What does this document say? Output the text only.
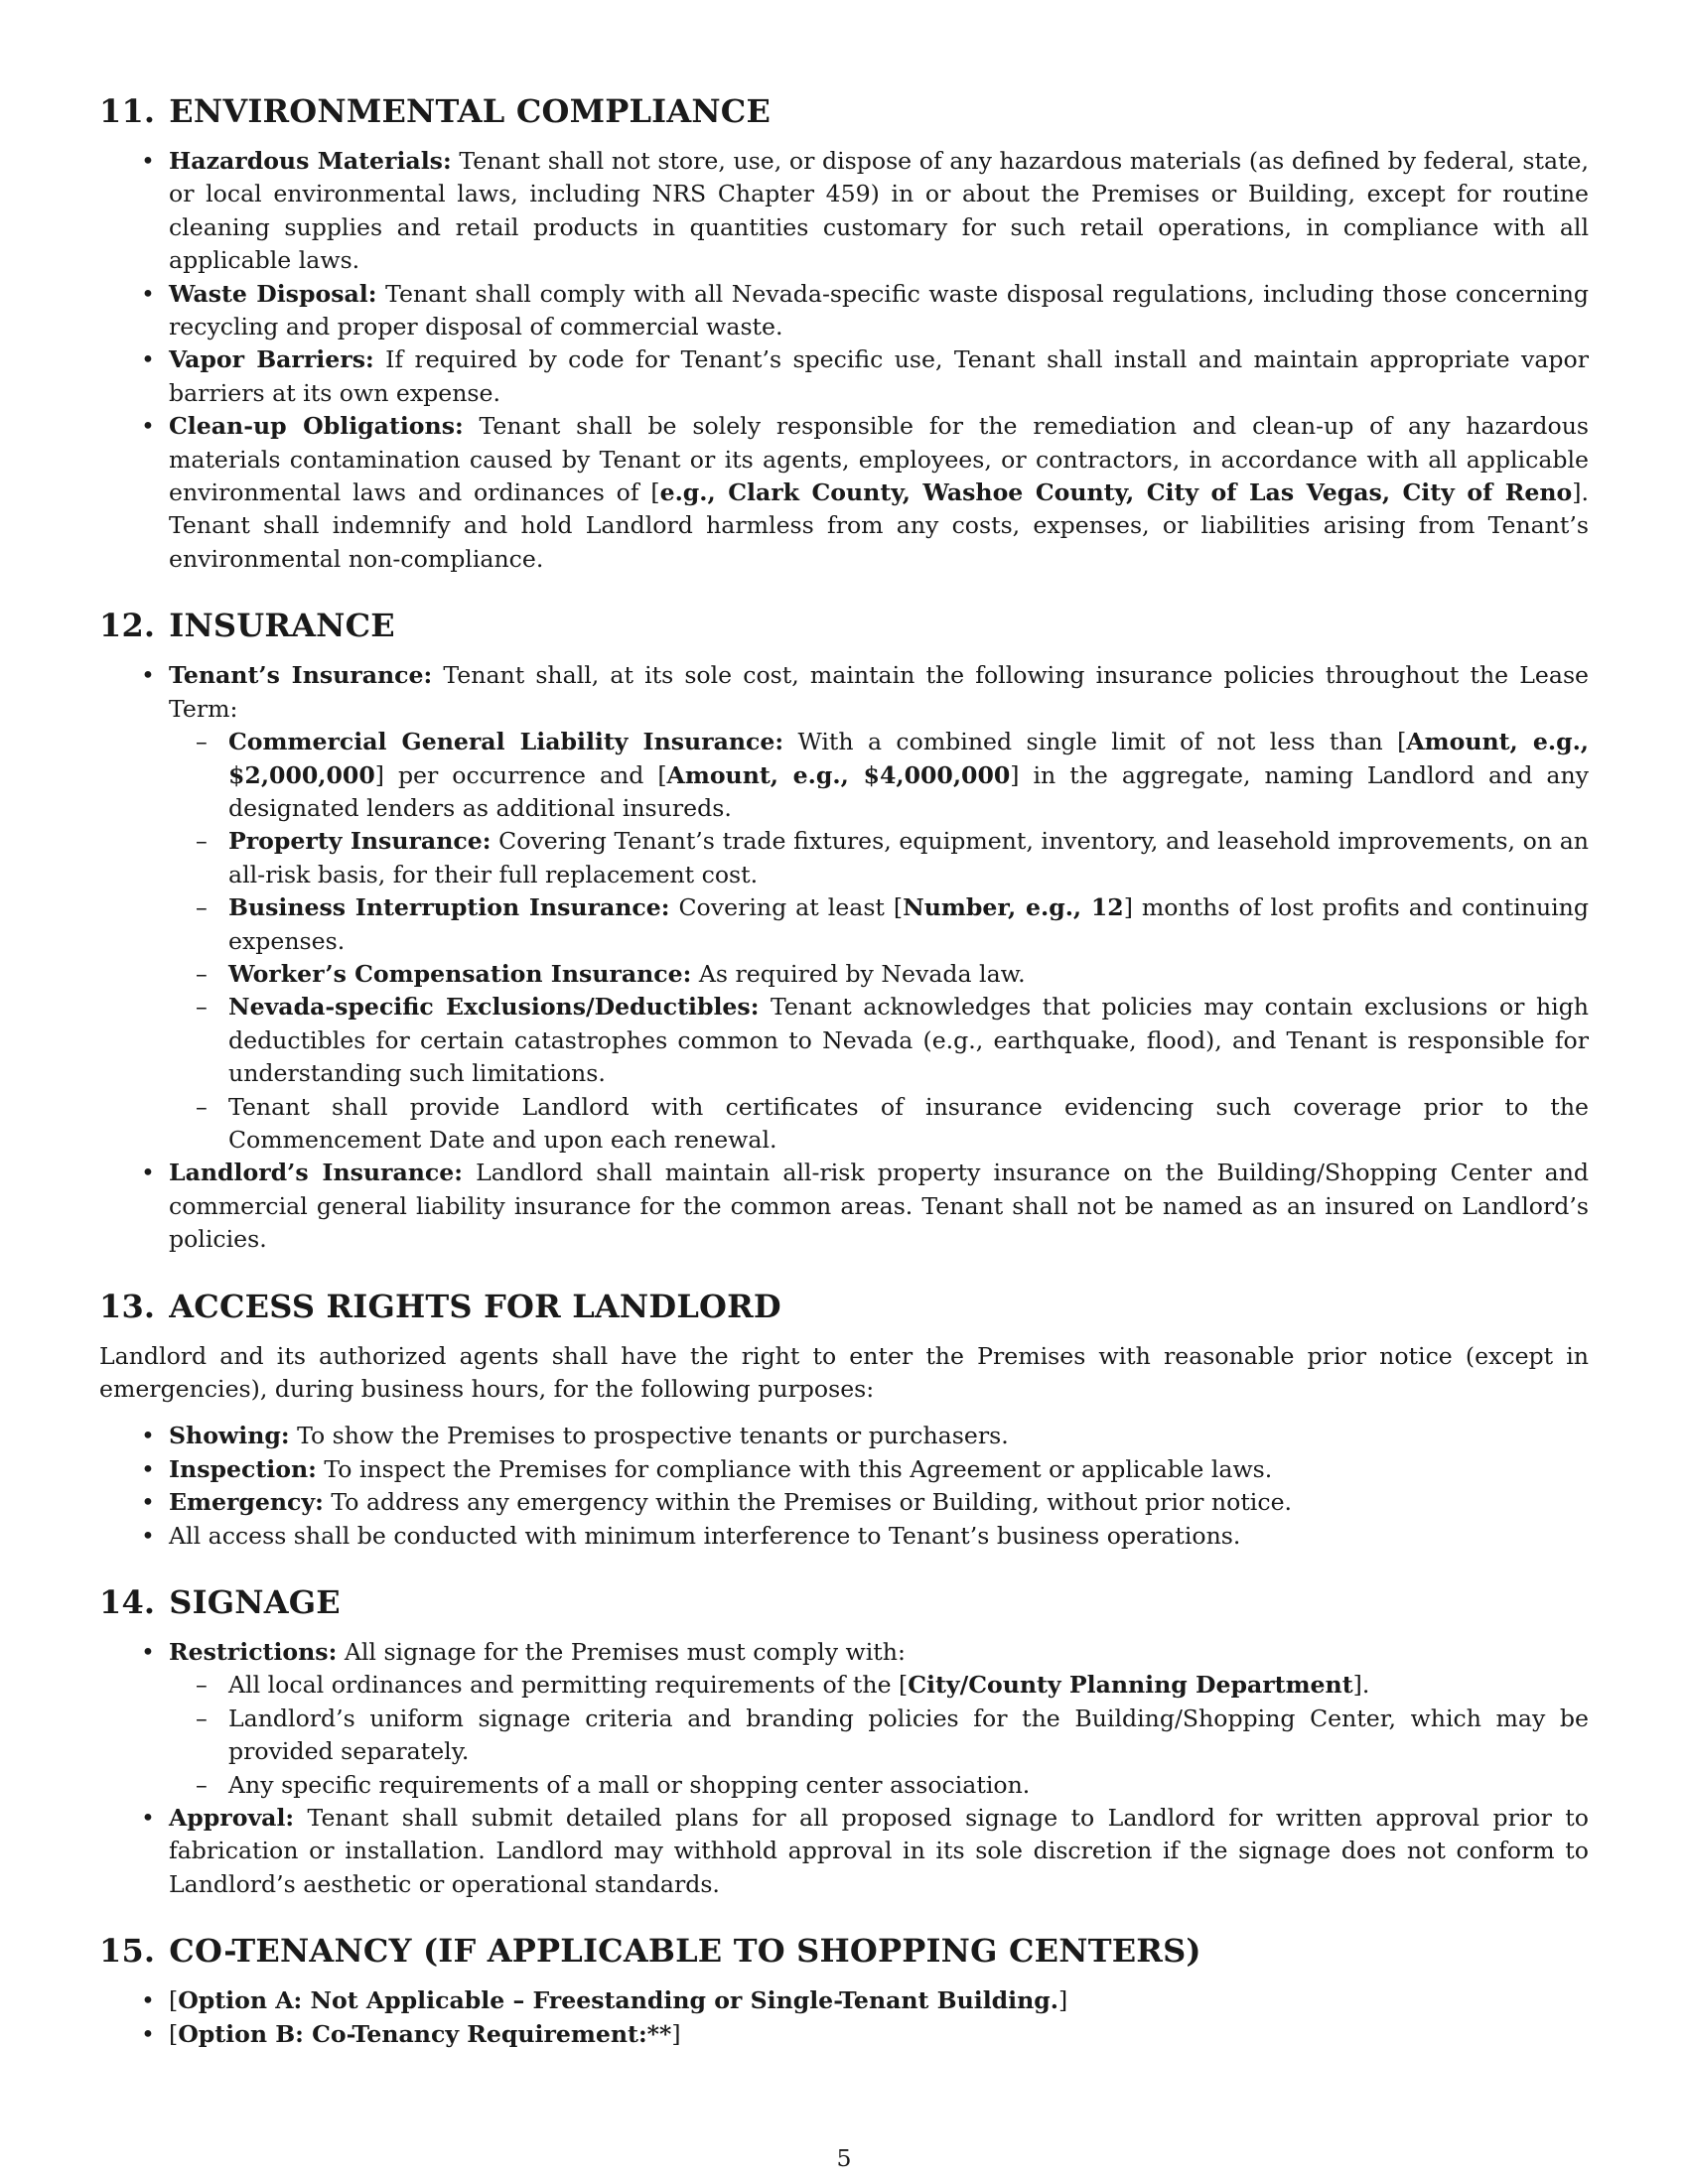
11. ENVIRONMENTAL COMPLIANCE
• Hazardous Materials: Tenant shall not store, use, or dispose of any hazardous materials (as defined by federal, state, or local environmental laws, including NRS Chapter 459) in or about the Premises or Building, except for routine cleaning supplies and retail products in quantities customary for such retail operations, in compliance with all applicable laws.
• Waste Disposal: Tenant shall comply with all Nevada-specific waste disposal regulations, including those concerning recycling and proper disposal of commercial waste.
• Vapor Barriers: If required by code for Tenant’s specific use, Tenant shall install and maintain appropriate vapor barriers at its own expense.
• Clean-up Obligations: Tenant shall be solely responsible for the remediation and clean-up of any hazardous materials contamination caused by Tenant or its agents, employees, or contractors, in accordance with all applicable environmental laws and ordinances of [e.g., Clark County, Washoe County, City of Las Vegas, City of Reno]. Tenant shall indemnify and hold Landlord harmless from any costs, expenses, or liabilities arising from Tenant’s environmental non-compliance.
12. INSURANCE
• Tenant’s Insurance: Tenant shall, at its sole cost, maintain the following insurance policies throughout the Lease Term:
– Commercial General Liability Insurance: With a combined single limit of not less than [Amount, e.g., $2,000,000] per occurrence and [Amount, e.g., $4,000,000] in the aggregate, naming Landlord and any designated lenders as additional insureds.
– Property Insurance: Covering Tenant’s trade fixtures, equipment, inventory, and leasehold improvements, on an all-risk basis, for their full replacement cost.
– Business Interruption Insurance: Covering at least [Number, e.g., 12] months of lost profits and continuing expenses.
– Worker’s Compensation Insurance: As required by Nevada law.
– Nevada-specific Exclusions/Deductibles: Tenant acknowledges that policies may contain exclusions or high deductibles for certain catastrophes common to Nevada (e.g., earthquake, flood), and Tenant is responsible for understanding such limitations.
– Tenant shall provide Landlord with certificates of insurance evidencing such coverage prior to the Commencement Date and upon each renewal.
• Landlord’s Insurance: Landlord shall maintain all-risk property insurance on the Building/Shopping Center and commercial general liability insurance for the common areas. Tenant shall not be named as an insured on Landlord’s policies.
13. ACCESS RIGHTS FOR LANDLORD

Landlord and its authorized agents shall have the right to enter the Premises with reasonable prior notice (except in emergencies), during business hours, for the following purposes:

• Showing: To show the Premises to prospective tenants or purchasers.
• Inspection: To inspect the Premises for compliance with this Agreement or applicable laws.
• Emergency: To address any emergency within the Premises or Building, without prior notice.
• All access shall be conducted with minimum interference to Tenant’s business operations.
14. SIGNAGE
• Restrictions: All signage for the Premises must comply with:
– All local ordinances and permitting requirements of the [City/County Planning Department].
– Landlord’s uniform signage criteria and branding policies for the Building/Shopping Center, which may be provided separately.
– Any specific requirements of a mall or shopping center association.
• Approval: Tenant shall submit detailed plans for all proposed signage to Landlord for written approval prior to fabrication or installation. Landlord may withhold approval in its sole discretion if the signage does not conform to Landlord’s aesthetic or operational standards.
15. CO-TENANCY (IF APPLICABLE TO SHOPPING CENTERS)
• [Option A: Not Applicable – Freestanding or Single-Tenant Building.]
• [Option B: Co-Tenancy Requirement:**]
5
